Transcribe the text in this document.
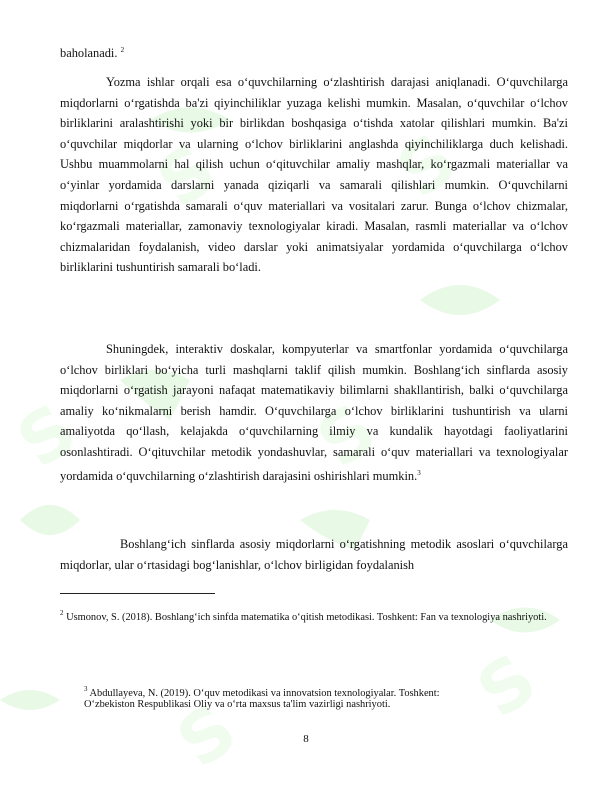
S
S
S
S
S
S
baholanadi. $^2$

Yozma ishlar orqali esa o‘quvchilarning o‘zlashtirish darajasi aniqlanadi. O‘quvchilarga miqdorlarni o‘rgatishda ba'zi qiyinchiliklar yuzaga kelishi mumkin. Masalan, o‘quvchilar o‘lchov birliklarini aralashtirishi yoki bir birlikdan boshqasiga o‘tishda xatolar qilishlari mumkin. Ba'zi o‘quvchilar miqdorlar va ularning o‘lchov birliklarini anglashda qiyinchiliklarga duch kelishadi. Ushbu muammolarni hal qilish uchun o‘qituvchilar amaliy mashqlar, ko‘rgazmali materiallar va o‘yinlar yordamida darslarni yanada qiziqarli va samarali qilishlari mumkin. O‘quvchilarni miqdorlarni o‘rgatishda samarali o‘quv materiallari va vositalari zarur. Bunga o‘lchov chizmalar, ko‘rgazmali materiallar, zamonaviy texnologiyalar kiradi. Masalan, rasmli materiallar va o‘lchov chizmalaridan foydalanish, video darslar yoki animatsiyalar yordamida o‘quvchilarga o‘lchov birliklarini tushuntirish samarali bo‘ladi.

Shuningdek, interaktiv doskalar, kompyuterlar va smartfonlar yordamida o‘quvchilarga o‘lchov birliklari bo‘yicha turli mashqlarni taklif qilish mumkin. Boshlang‘ich sinflarda asosiy miqdorlarni o‘rgatish jarayoni nafaqat matematikaviy bilimlarni shakllantirish, balki o‘quvchilarga amaliy ko‘nikmalarni berish hamdir. O‘quvchilarga o‘lchov birliklarini tushuntirish va ularni amaliyotda qo‘llash, kelajakda o‘quvchilarning ilmiy va kundalik hayotdagi faoliyatlarini osonlashtiradi. O‘qituvchilar metodik yondashuvlar, samarali o‘quv materiallari va texnologiyalar yordamida o‘quvchilarning o‘zlashtirish darajasini oshirishlari mumkin.$^3$

Boshlang‘ich sinflarda asosiy miqdorlarni o‘rgatishning metodik asoslari o‘quvchilarga miqdorlar, ular o‘rtasidagi bog‘lanishlar, o‘lchov birligidan foydalanish

$^2$ Usmonov, S. (2018). Boshlang‘ich sinfda matematika o‘qitish metodikasi. Toshkent: Fan va texnologiya nashriyoti.
$^3$ Abdullayeva, N. (2019). O‘quv metodikasi va innovatsion texnologiyalar. Toshkent:
O‘zbekiston Respublikasi Oliy va o‘rta maxsus ta'lim vazirligi nashriyoti.
8
